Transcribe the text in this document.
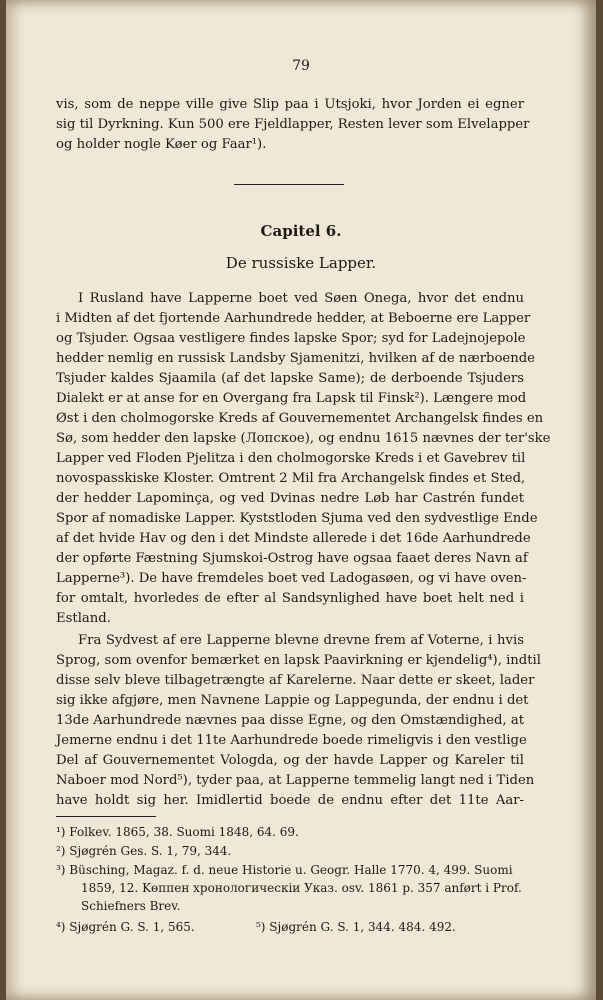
79
vis, som de neppe ville give Slip paa i Utsjoki, hvor Jorden ei egner
sig til Dyrkning. Kun 500 ere Fjeldlapper, Resten lever som Elvelapper
og holder nogle Køer og Faar¹).
Capitel 6.
De russiske Lapper.
I Rusland have Lapperne boet ved Søen Onega, hvor det endnu
i Midten af det fjortende Aarhundrede hedder, at Beboerne ere Lapper
og Tsjuder. Ogsaa vestligere findes lapske Spor; syd for Ladejnojepole
hedder nemlig en russisk Landsby Sjamenitzi, hvilken af de nærboende
Tsjuder kaldes Sjaamila (af det lapske Same); de derboende Tsjuders
Dialekt er at anse for en Overgang fra Lapsk til Finsk²). Længere mod
Øst i den cholmogorske Kreds af Gouvernementet Archangelsk findes en
Sø, som hedder den lapske (Лопское), og endnu 1615 nævnes der ter'ske
Lapper ved Floden Pjelitza i den cholmogorske Kreds i et Gavebrev til
novospasskiske Kloster. Omtrent 2 Mil fra Archangelsk findes et Sted,
der hedder Lapominça, og ved Dvinas nedre Løb har Castrén fundet
Spor af nomadiske Lapper. Kyststloden Sjuma ved den sydvestlige Ende
af det hvide Hav og den i det Mindste allerede i det 16de Aarhundrede
der opførte Fæstning Sjumskoi-Ostrog have ogsaa faaet deres Navn af
Lapperne³). De have fremdeles boet ved Ladogasøen, og vi have oven-
for omtalt, hvorledes de efter al Sandsynlighed have boet helt ned i
Estland.
Fra Sydvest af ere Lapperne blevne drevne frem af Voterne, i hvis
Sprog, som ovenfor bemærket en lapsk Paavirkning er kjendelig⁴), indtil
disse selv bleve tilbagetrængte af Karelerne. Naar dette er skeet, lader
sig ikke afgjøre, men Navnene Lappie og Lappegunda, der endnu i det
13de Aarhundrede nævnes paa disse Egne, og den Omstændighed, at
Jemerne endnu i det 11te Aarhundrede boede rimeligvis i den vestlige
Del af Gouvernementet Vologda, og der havde Lapper og Kareler til
Naboer mod Nord⁵), tyder paa, at Lapperne temmelig langt ned i Tiden
have holdt sig her. Imidlertid boede de endnu efter det 11te Aar-
¹) Folkev. 1865, 38. Suomi 1848, 64. 69.
²) Sjøgrén Ges. S. 1, 79, 344.
³) Büsching, Magaz. f. d. neue Historie u. Geogr. Halle 1770. 4, 499. Suomi
1859, 12. Kөппен хронологическiи Указ. osv. 1861 p. 357 anført i Prof.
Schiefners Brev.
⁴) Sjøgrén G. S. 1, 565.	⁵) Sjøgrén G. S. 1, 344. 484. 492.
